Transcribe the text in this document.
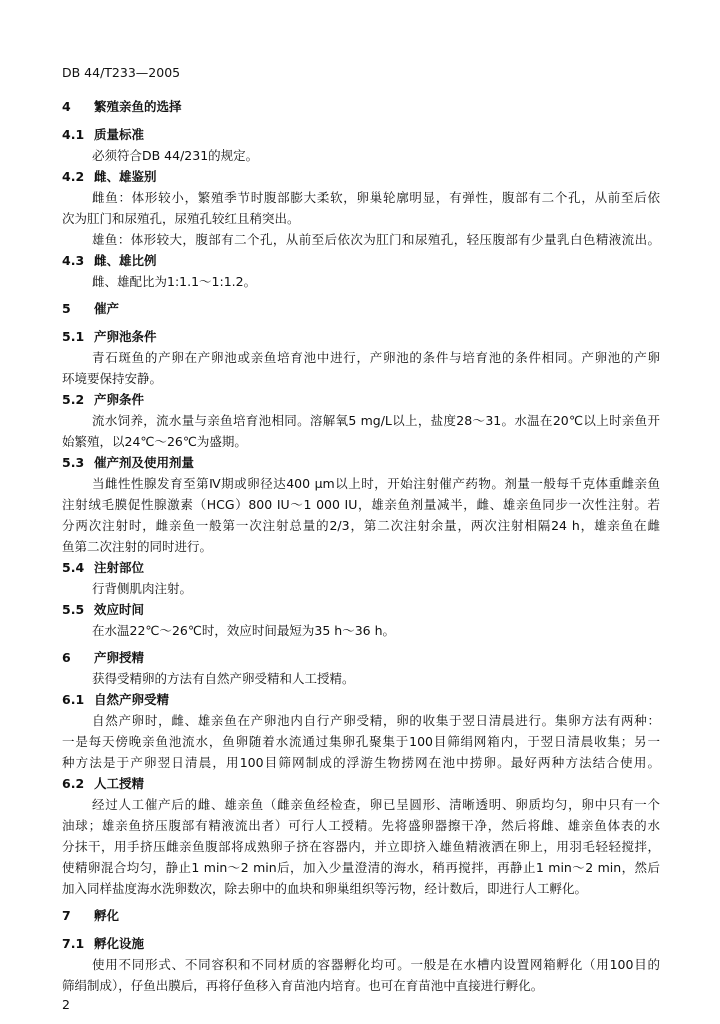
DB 44/T233—2005
4 繁殖亲鱼的选择
4.1 质量标准
必须符合DB 44/231的规定。
4.2 雌、雄鉴别
雌鱼：体形较小，繁殖季节时腹部膨大柔软，卵巢轮廓明显，有弹性，腹部有二个孔，从前至后依
次为肛门和尿殖孔，尿殖孔较红且稍突出。
雄鱼：体形较大，腹部有二个孔，从前至后依次为肛门和尿殖孔，轻压腹部有少量乳白色精液流出。
4.3 雌、雄比例
雌、雄配比为1:1.1～1:1.2。
5 催产
5.1 产卵池条件
青石斑鱼的产卵在产卵池或亲鱼培育池中进行，产卵池的条件与培育池的条件相同。产卵池的产卵
环境要保持安静。
5.2 产卵条件
流水饲养，流水量与亲鱼培育池相同。溶解氧5 mg/L以上，盐度28～31。水温在20℃以上时亲鱼开
始繁殖，以24℃～26℃为盛期。
5.3 催产剂及使用剂量
当雌性性腺发育至第Ⅳ期或卵径达400 μm以上时，开始注射催产药物。剂量一般每千克体重雌亲鱼
注射绒毛膜促性腺激素（HCG）800 IU～1 000 IU，雄亲鱼剂量减半，雌、雄亲鱼同步一次性注射。若
分两次注射时，雌亲鱼一般第一次注射总量的2/3，第二次注射余量，两次注射相隔24 h，雄亲鱼在雌
鱼第二次注射的同时进行。
5.4 注射部位
行背侧肌肉注射。
5.5 效应时间
在水温22℃～26℃时，效应时间最短为35 h～36 h。
6 产卵授精
获得受精卵的方法有自然产卵受精和人工授精。
6.1 自然产卵受精
自然产卵时，雌、雄亲鱼在产卵池内自行产卵受精，卵的收集于翌日清晨进行。集卵方法有两种：
一是每天傍晚亲鱼池流水，鱼卵随着水流通过集卵孔聚集于100目筛绢网箱内，于翌日清晨收集；另一
种方法是于产卵翌日清晨，用100目筛网制成的浮游生物捞网在池中捞卵。最好两种方法结合使用。
6.2 人工授精
经过人工催产后的雌、雄亲鱼（雌亲鱼经检查，卵已呈圆形、清晰透明、卵质均匀，卵中只有一个
油球；雄亲鱼挤压腹部有精液流出者）可行人工授精。先将盛卵器擦干净，然后将雌、雄亲鱼体表的水
分抹干，用手挤压雌亲鱼腹部将成熟卵子挤在容器内，并立即挤入雄鱼精液洒在卵上，用羽毛轻轻搅拌，
使精卵混合均匀，静止1 min～2 min后，加入少量澄清的海水，稍再搅拌，再静止1 min～2 min，然后
加入同样盐度海水洗卵数次，除去卵中的血块和卵巢组织等污物，经计数后，即进行人工孵化。
7 孵化
7.1 孵化设施
使用不同形式、不同容积和不同材质的容器孵化均可。一般是在水槽内设置网箱孵化（用100目的
筛绢制成），仔鱼出膜后，再将仔鱼移入育苗池内培育。也可在育苗池中直接进行孵化。
2
